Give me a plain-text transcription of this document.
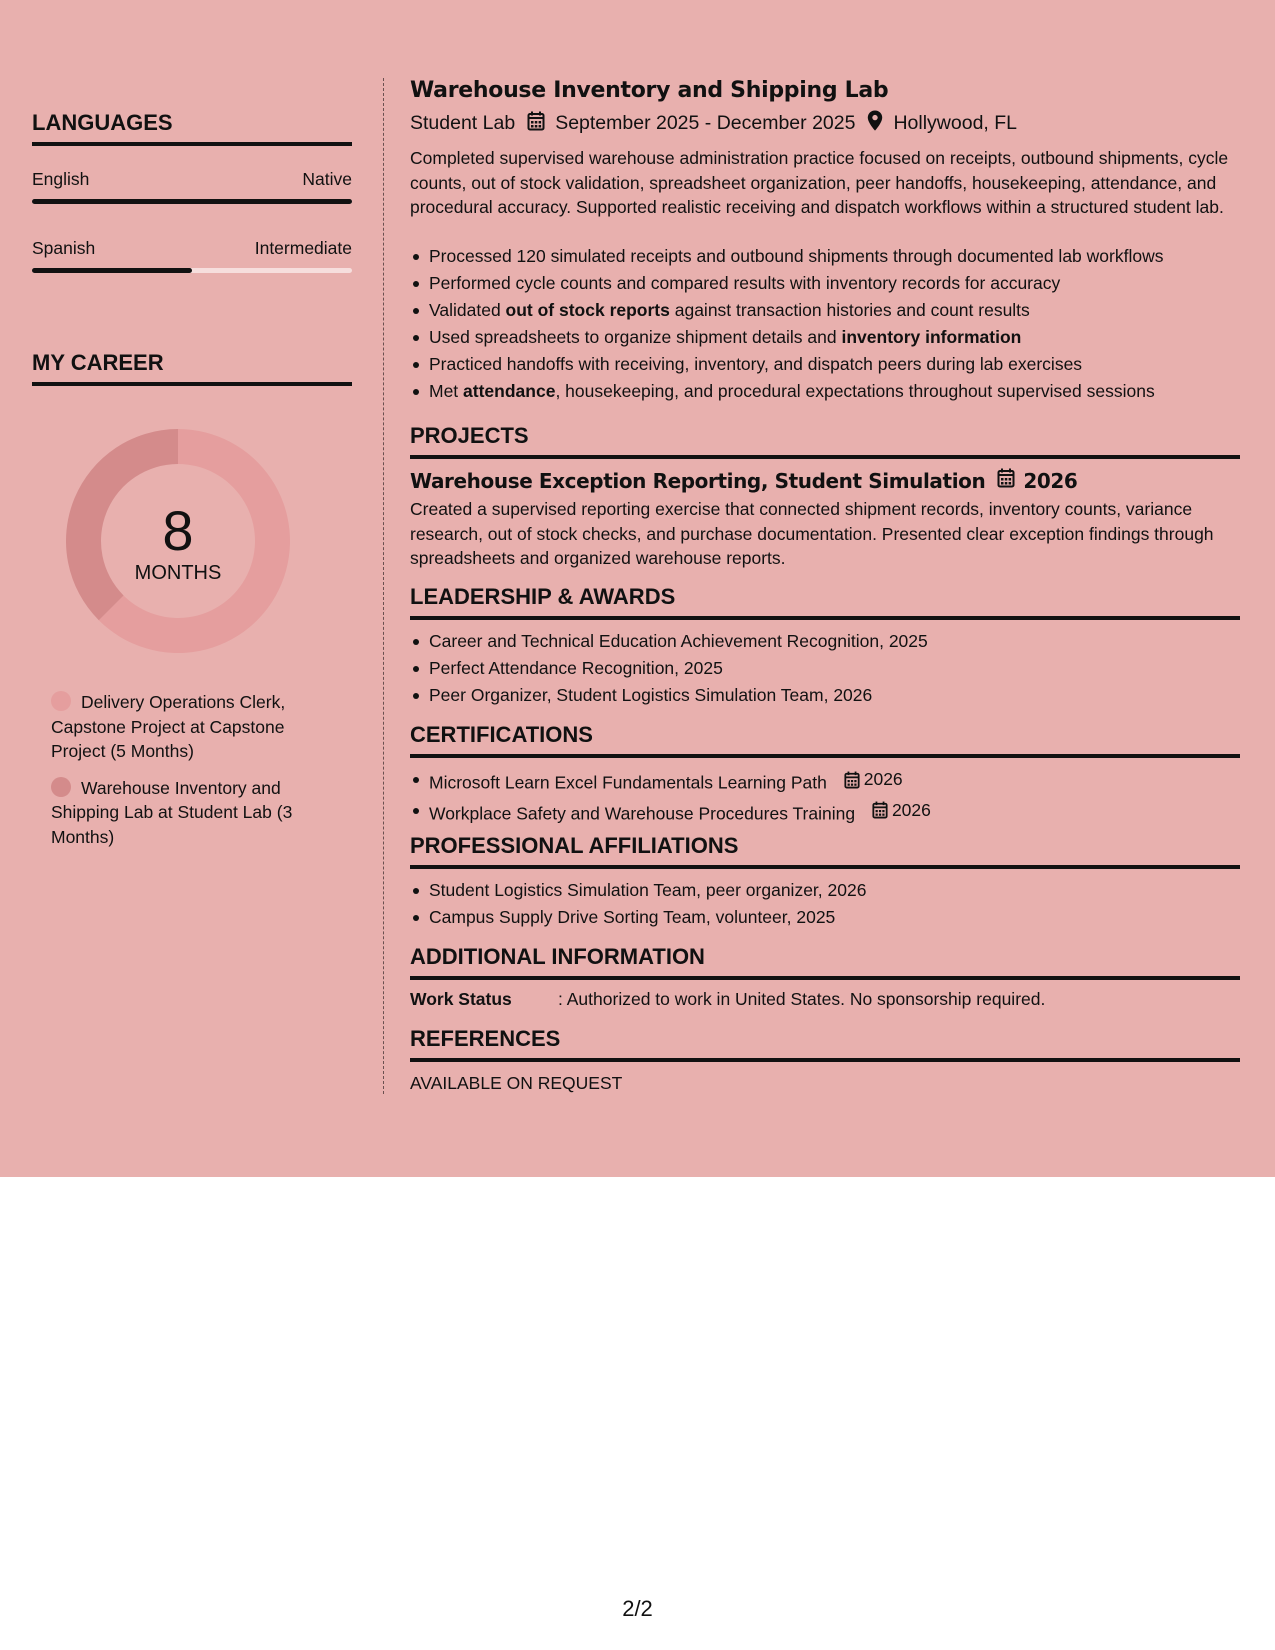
LANGUAGES
English	Native
Spanish	Intermediate
MY CAREER
8
MONTHS
Delivery Operations Clerk, Capstone Project at Capstone Project (5 Months)
Warehouse Inventory and Shipping Lab at Student Lab (3 Months)
Warehouse Inventory and Shipping Lab
Student Lab September 2025 - December 2025 Hollywood, FL
Completed supervised warehouse administration practice focused on receipts, outbound shipments, cycle counts, out of stock validation, spreadsheet organization, peer handoffs, housekeeping, attendance, and procedural accuracy. Supported realistic receiving and dispatch workflows within a structured student lab.
Processed 120 simulated receipts and outbound shipments through documented lab workflows
Performed cycle counts and compared results with inventory records for accuracy
Validated out of stock reports against transaction histories and count results
Used spreadsheets to organize shipment details and inventory information
Practiced handoffs with receiving, inventory, and dispatch peers during lab exercises
Met attendance, housekeeping, and procedural expectations throughout supervised sessions
PROJECTS
Warehouse Exception Reporting, Student Simulation 2026
Created a supervised reporting exercise that connected shipment records, inventory counts, variance research, out of stock checks, and purchase documentation. Presented clear exception findings through spreadsheets and organized warehouse reports.
LEADERSHIP & AWARDS
Career and Technical Education Achievement Recognition, 2025
Perfect Attendance Recognition, 2025
Peer Organizer, Student Logistics Simulation Team, 2026
CERTIFICATIONS
Microsoft Learn Excel Fundamentals Learning Path 2026
Workplace Safety and Warehouse Procedures Training 2026
PROFESSIONAL AFFILIATIONS
Student Logistics Simulation Team, peer organizer, 2026
Campus Supply Drive Sorting Team, volunteer, 2025
ADDITIONAL INFORMATION
Work Status	: Authorized to work in United States. No sponsorship required.
REFERENCES
AVAILABLE ON REQUEST
2/2
